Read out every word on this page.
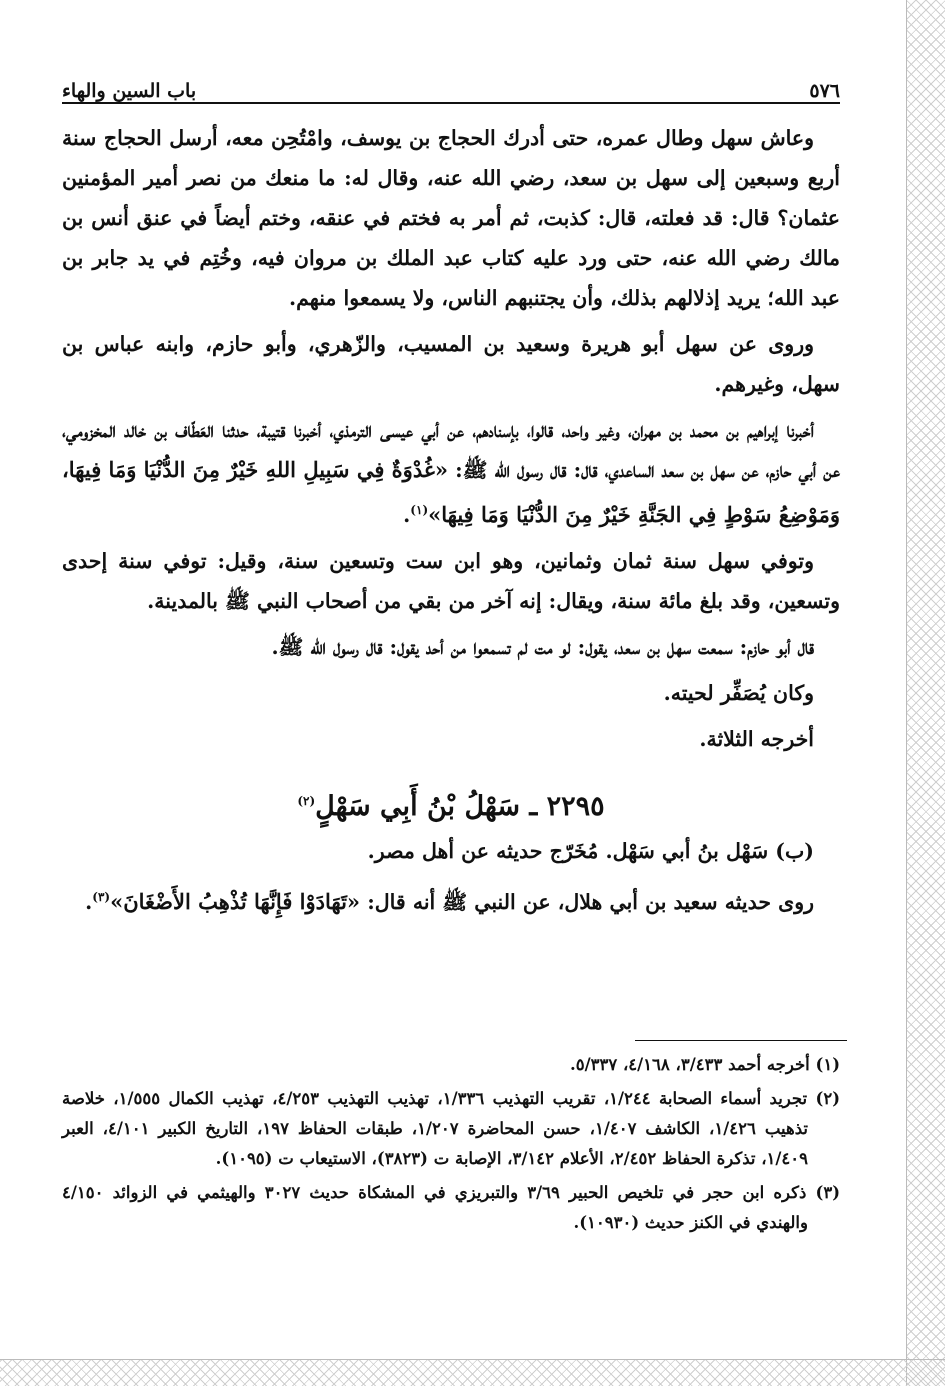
٥٧٦
باب السين والهاء

وعاش سهل وطال عمره، حتى أدرك الحجاج بن يوسف، وامْتُحِن معه، أرسل الحجاج سنة أربع وسبعين إلى سهل بن سعد، رضي الله عنه، وقال له: ما منعك من نصر أمير المؤمنين عثمان؟ قال: قد فعلته، قال: كذبت، ثم أمر به فختم في عنقه، وختم أيضاً في عنق أنس بن مالك رضي الله عنه، حتى ورد عليه كتاب عبد الملك بن مروان فيه، وخُتِم في يد جابر بن عبد الله؛ يريد إذلالهم بذلك، وأن يجتنبهم الناس، ولا يسمعوا منهم.

وروى عن سهل أبو هريرة وسعيد بن المسيب، والزّهري، وأبو حازم، وابنه عباس بن سهل، وغيرهم.

أخبرنا إبراهيم بن محمد بن مهران، وغير واحد، قالوا، بإسنادهم، عن أبي عيسى الترمذي، أخبرنا قتيبة، حدثنا العَطّاف بن خالد المخزومي، عن أبي حازم، عن سهل بن سعد الساعدي، قال: قال رسول الله ﷺ: «غُدْوَةٌ فِي سَبِيلِ اللهِ خَيْرٌ مِنَ الدُّنْيَا وَمَا فِيهَا، وَمَوْضِعُ سَوْطٍ فِي الجَنَّةِ خَيْرٌ مِنَ الدُّنْيَا وَمَا فِيهَا»$^{(١)}$.

وتوفي سهل سنة ثمان وثمانين، وهو ابن ست وتسعين سنة، وقيل: توفي سنة إحدى وتسعين، وقد بلغ مائة سنة، ويقال: إنه آخر من بقي من أصحاب النبي ﷺ بالمدينة.

قال أبو حازم: سمعت سهل بن سعد، يقول: لو مت لم تسمعوا من أحد يقول: قال رسول الله ﷺ.

وكان يُصَفِّر لحيته.

أخرجه الثلاثة.

٢٢٩٥ ـ سَهْلُ بْنُ أَبِي سَهْلٍ$^{(٢)}$

(ب) سَهْل بنُ أبي سَهْل. مُخَرّج حديثه عن أهل مصر.

روى حديثه سعيد بن أبي هلال، عن النبي ﷺ أنه قال: «تَهَادَوْا فَإِنَّهَا تُذْهِبُ الأَضْغَانَ»$^{(٣)}$.

(١) أخرجه أحمد ٣/٤٣٣، ٤/١٦٨، ٥/٣٣٧.

(٢) تجريد أسماء الصحابة ١/٢٤٤، تقريب التهذيب ١/٣٣٦، تهذيب التهذيب ٤/٢٥٣، تهذيب الكمال ١/٥٥٥، خلاصة تذهيب ١/٤٢٦، الكاشف ١/٤٠٧، حسن المحاضرة ١/٢٠٧، طبقات الحفاظ ١٩٧، التاريخ الكبير ٤/١٠١، العبر ١/٤٠٩، تذكرة الحفاظ ٢/٤٥٢، الأعلام ٣/١٤٢، الإصابة ت (٣٨٢٣)، الاستيعاب ت (١٠٩٥).

(٣) ذكره ابن حجر في تلخيص الحبير ٣/٦٩ والتبريزي في المشكاة حديث ٣٠٢٧ والهيثمي في الزوائد ٤/١٥٠ والهندي في الكنز حديث (١٠٩٣٠).
